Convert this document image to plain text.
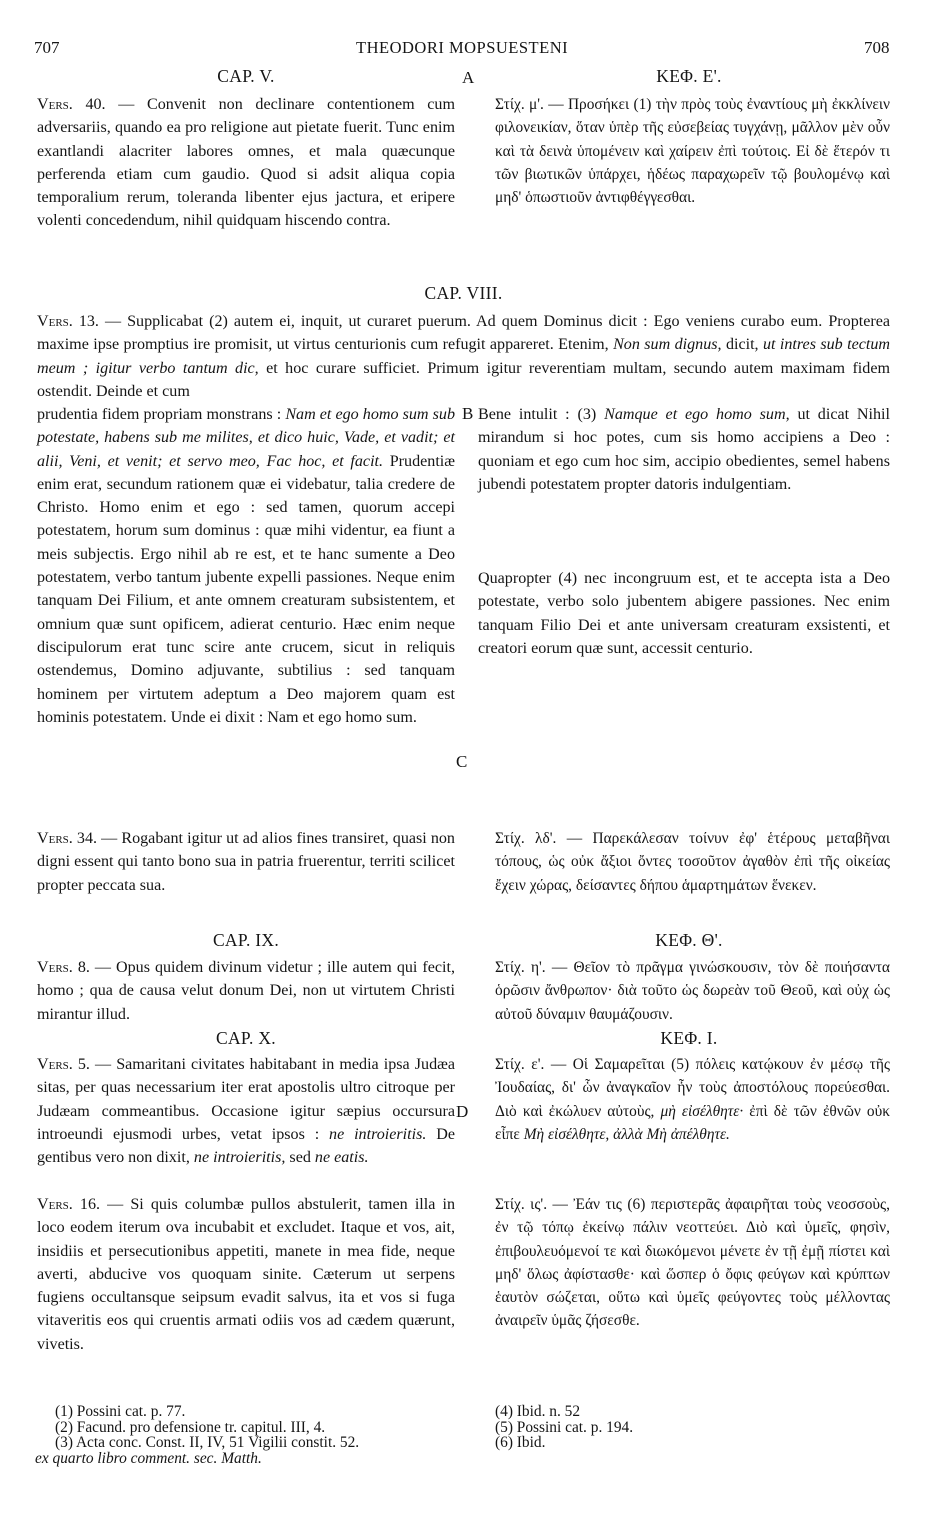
707	THEODORI MOPSUESTENI	708
A
B
C
D
CAP. V.	ΚΕΦ. Ε'.
Vers. 40. — Convenit non declinare contentionem cum adversariis, quando ea pro religione aut pietate fuerit. Tunc enim exantlandi alacriter labores omnes, et mala quæcunque perferenda etiam cum gaudio. Quod si adsit aliqua copia temporalium rerum, toleranda libenter ejus jactura, et eripere volenti concedendum, nihil quidquam hiscendo contra.
Στίχ. μ'. — Προσήκει (1) τὴν πρὸς τοὺς ἐναντίους μὴ ἐκκλίνειν φιλονεικίαν, ὅταν ὑπὲρ τῆς εὐσεβείας τυγχάνῃ, μᾶλλον μὲν οὖν καὶ τὰ δεινὰ ὑπομένειν καὶ χαίρειν ἐπὶ τούτοις. Εἰ δὲ ἕτερόν τι τῶν βιωτικῶν ὑπάρχει, ἡδέως παραχωρεῖν τῷ βουλομένῳ καὶ μηδ' ὁπωστιοῦν ἀντιφθέγγεσθαι.
CAP. VIII.
Vers. 13. — Supplicabat (2) autem ei, inquit, ut curaret puerum. Ad quem Dominus dicit : Ego veniens curabo eum. Propterea maxime ipse promptius ire promisit, ut virtus centurionis cum refugit appareret. Etenim, Non sum dignus, dicit, ut intres sub tectum meum ; igitur verbo tantum dic, et hoc curare sufficiet. Primum igitur reverentiam multam, secundo autem maximam fidem ostendit. Deinde et cum
prudentia fidem propriam monstrans : Nam et ego homo sum sub potestate, habens sub me milites, et dico huic, Vade, et vadit; et alii, Veni, et venit; et servo meo, Fac hoc, et facit. Prudentiæ enim erat, secundum rationem quæ ei videbatur, talia credere de Christo. Homo enim et ego : sed tamen, quorum accepi potestatem, horum sum dominus : quæ mihi videntur, ea fiunt a meis subjectis. Ergo nihil ab re est, et te hanc sumente a Deo potestatem, verbo tantum jubente expelli passiones. Neque enim tanquam Dei Filium, et ante omnem creaturam subsistentem, et omnium quæ sunt opificem, adierat centurio. Hæc enim neque discipulorum erat tunc scire ante crucem, sicut in reliquis ostendemus, Domino adjuvante, subtilius : sed tanquam hominem per virtutem adeptum a Deo majorem quam est hominis potestatem. Unde ei dixit : Nam et ego homo sum.
Bene intulit : (3) Namque et ego homo sum, ut dicat Nihil mirandum si hoc potes, cum sis homo accipiens a Deo : quoniam et ego cum hoc sim, accipio obedientes, semel habens jubendi potestatem propter datoris indulgentiam.
Quapropter (4) nec incongruum est, et te accepta ista a Deo potestate, verbo solo jubentem abigere passiones. Nec enim tanquam Filio Dei et ante universam creaturam exsistenti, et creatori eorum quæ sunt, accessit centurio.
Vers. 34. — Rogabant igitur ut ad alios fines transiret, quasi non digni essent qui tanto bono sua in patria fruerentur, territi scilicet propter peccata sua.
Στίχ. λδ'. — Παρεκάλεσαν τοίνυν ἐφ' ἑτέρους μεταβῆναι τόπους, ὡς οὐκ ἄξιοι ὄντες τοσοῦτον ἀγαθὸν ἐπὶ τῆς οἰκείας ἔχειν χώρας, δείσαντες δήπου ἁμαρτημάτων ἕνεκεν.
CAP. IX.	ΚΕΦ. Θ'.
Vers. 8. — Opus quidem divinum videtur ; ille autem qui fecit, homo ; qua de causa velut donum Dei, non ut virtutem Christi mirantur illud.
Στίχ. η'. — Θεῖον τὸ πρᾶγμα γινώσκουσιν, τὸν δὲ ποιήσαντα ὁρῶσιν ἄνθρωπον· διὰ τοῦτο ὡς δωρεὰν τοῦ Θεοῦ, καὶ οὐχ ὡς αὐτοῦ δύναμιν θαυμάζουσιν.
CAP. X.	ΚΕΦ. Ι.
Vers. 5. — Samaritani civitates habitabant in media ipsa Judæa sitas, per quas necessarium iter erat apostolis ultro citroque per Judæam commeantibus. Occasione igitur sæpius occursura introeundi ejusmodi urbes, vetat ipsos : ne introieritis. De gentibus vero non dixit, ne introieritis, sed ne eatis.
Στίχ. ε'. — Οἱ Σαμαρεῖται (5) πόλεις κατῴκουν ἐν μέσῳ τῆς Ἰουδαίας, δι' ὧν ἀναγκαῖον ἦν τοὺς ἀποστόλους πορεύεσθαι. Διὸ καὶ ἐκώλυεν αὐτοὺς, μὴ εἰσέλθητε· ἐπὶ δὲ τῶν ἐθνῶν οὐκ εἶπε Μὴ εἰσέλθητε, ἀλλὰ Μὴ ἀπέλθητε.
Vers. 16. — Si quis columbæ pullos abstulerit, tamen illa in loco eodem iterum ova incubabit et excludet. Itaque et vos, ait, insidiis et persecutionibus appetiti, manete in mea fide, neque averti, abducive vos quoquam sinite. Cæterum ut serpens fugiens occultansque seipsum evadit salvus, ita et vos si fuga vitaveritis eos qui cruentis armati odiis vos ad cædem quærunt, vivetis.
Στίχ. ις'. — Ἐάν τις (6) περιστερᾶς ἀφαιρῆται τοὺς νεοσσοὺς, ἐν τῷ τόπῳ ἐκείνῳ πάλιν νεοττεύει. Διὸ καὶ ὑμεῖς, φησὶν, ἐπιβουλευόμενοί τε καὶ διωκόμενοι μένετε ἐν τῇ ἐμῇ πίστει καὶ μηδ' ὅλως ἀφίστασθε· καὶ ὥσπερ ὁ ὄφις φεύγων καὶ κρύπτων ἑαυτὸν σώζεται, οὕτω καὶ ὑμεῖς φεύγοντες τοὺς μέλλοντας ἀναιρεῖν ὑμᾶς ζήσεσθε.
(1) Possini cat. p. 77.
(2) Facund. pro defensione tr. capitul. III, 4.
(3) Acta conc. Const. II, IV, 51 Vigilii constit. 52.
ex quarto libro comment. sec. Matth.
(4) Ibid. n. 52
(5) Possini cat. p. 194.
(6) Ibid.
